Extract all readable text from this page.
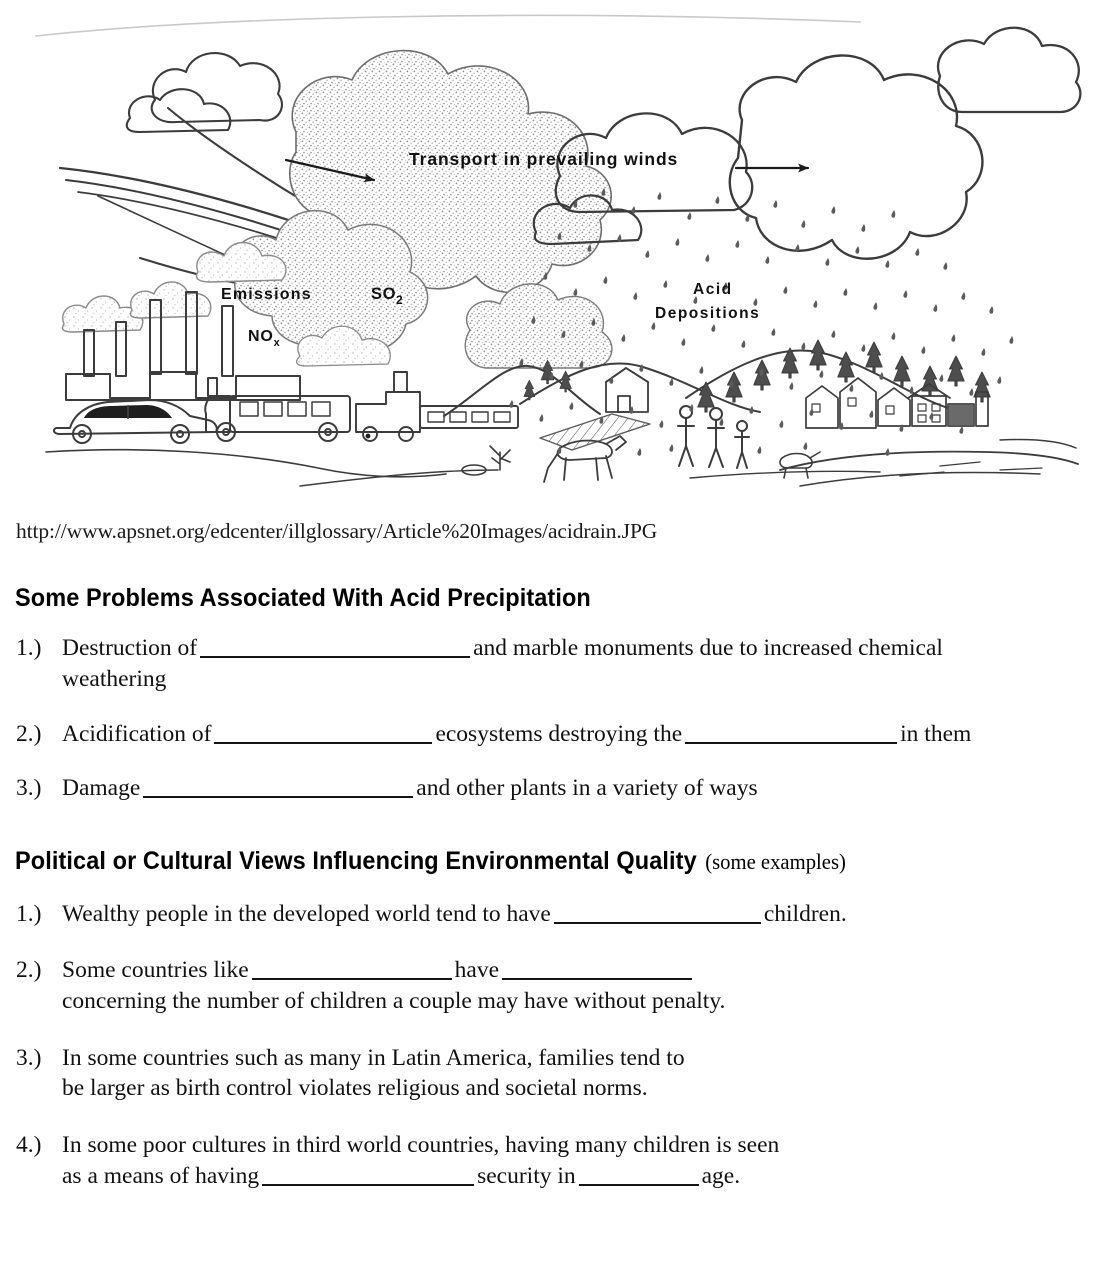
Transport in prevailing winds
Emissions	$SO_2$
$NO_x$
Acid
Depositions

http://www.apsnet.org/edcenter/illglossary/Article%20Images/acidrain.JPG

Some Problems Associated With Acid Precipitation
1.) Destruction of	and marble monuments due to increased chemical
weathering
2.) Acidification of	ecosystems destroying the	in them
3.) Damage	and other plants in a variety of ways
Political or Cultural Views Influencing Environmental Quality (some examples)
1.) Wealthy people in the developed world tend to have	children.
2.) Some countries like	have
concerning the number of children a couple may have without penalty.
3.) In some countries such as many in Latin America, families tend to
be larger as birth control violates religious and societal norms.
4.) In some poor cultures in third world countries, having many children is seen
as a means of having	security in	age.
